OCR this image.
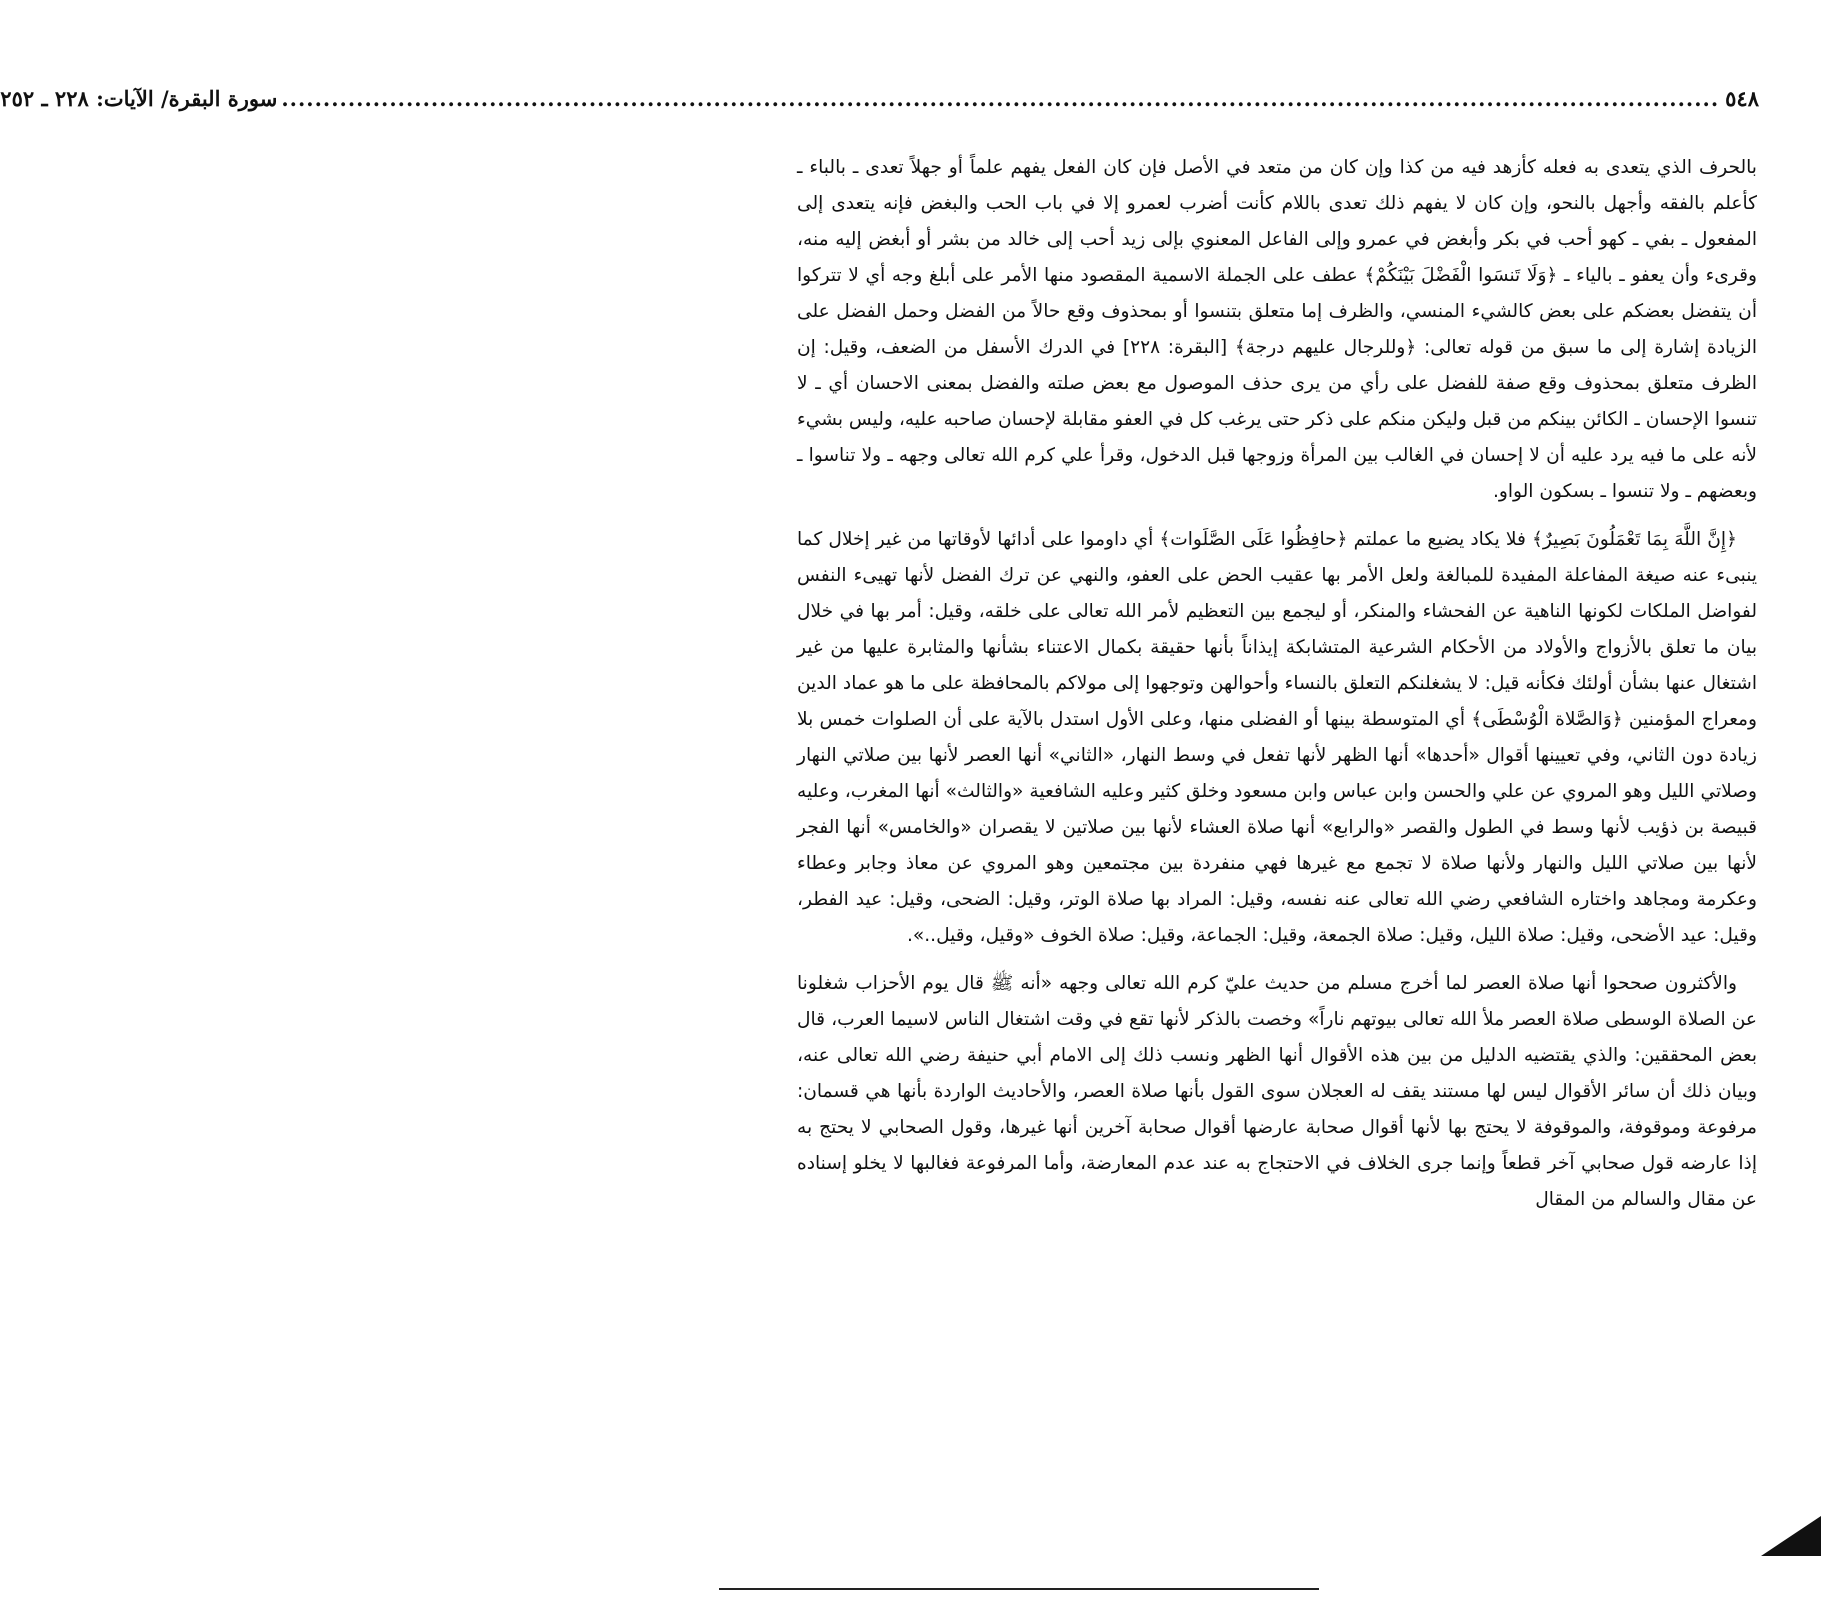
٥٤٨
..........
...................................................................................................................................................................
سورة البقرة/ الآيات: ٢٢٨ ـ ٢٥٢

بالحرف الذي يتعدى به فعله كأزهد فيه من كذا وإن كان من متعد في الأصل فإن كان الفعل يفهم علماً أو جهلاً تعدى ـ بالباء ـ كأعلم بالفقه وأجهل بالنحو، وإن كان لا يفهم ذلك تعدى باللام كأنت أضرب لعمرو إلا في باب الحب والبغض فإنه يتعدى إلى المفعول ـ بفي ـ كهو أحب في بكر وأبغض في عمرو وإلى الفاعل المعنوي بإلى زيد أحب إلى خالد من بشر أو أبغض إليه منه، وقرىء وأن يعفو ـ بالياء ـ ﴿وَلَا تَنسَوا الْفَضْلَ بَيْنَكُمْ﴾ عطف على الجملة الاسمية المقصود منها الأمر على أبلغ وجه أي لا تتركوا أن يتفضل بعضكم على بعض كالشيء المنسي، والظرف إما متعلق بتنسوا أو بمحذوف وقع حالاً من الفضل وحمل الفضل على الزيادة إشارة إلى ما سبق من قوله تعالى: ﴿وللرجال عليهم درجة﴾ [البقرة: ٢٢٨] في الدرك الأسفل من الضعف، وقيل: إن الظرف متعلق بمحذوف وقع صفة للفضل على رأي من يرى حذف الموصول مع بعض صلته والفضل بمعنى الاحسان أي ـ لا تنسوا الإحسان ـ الكائن بينكم من قبل وليكن منكم على ذكر حتى يرغب كل في العفو مقابلة لإحسان صاحبه عليه، وليس بشيء لأنه على ما فيه يرد عليه أن لا إحسان في الغالب بين المرأة وزوجها قبل الدخول، وقرأ علي كرم الله تعالى وجهه ـ ولا تناسوا ـ وبعضهم ـ ولا تنسوا ـ بسكون الواو.

﴿إِنَّ اللَّهَ بِمَا تَعْمَلُونَ بَصِيرٌ﴾ فلا يكاد يضيع ما عملتم ﴿حافِظُوا عَلَى الصَّلَوات﴾ أي داوموا على أدائها لأوقاتها من غير إخلال كما ينبىء عنه صيغة المفاعلة المفيدة للمبالغة ولعل الأمر بها عقيب الحض على العفو، والنهي عن ترك الفضل لأنها تهيىء النفس لفواضل الملكات لكونها الناهية عن الفحشاء والمنكر، أو ليجمع بين التعظيم لأمر الله تعالى على خلقه، وقيل: أمر بها في خلال بيان ما تعلق بالأزواج والأولاد من الأحكام الشرعية المتشابكة إيذاناً بأنها حقيقة بكمال الاعتناء بشأنها والمثابرة عليها من غير اشتغال عنها بشأن أولئك فكأنه قيل: لا يشغلنكم التعلق بالنساء وأحوالهن وتوجهوا إلى مولاكم بالمحافظة على ما هو عماد الدين ومعراج المؤمنين ﴿وَالصَّلاة الْوُسْطَى﴾ أي المتوسطة بينها أو الفضلى منها، وعلى الأول استدل بالآية على أن الصلوات خمس بلا زيادة دون الثاني، وفي تعيينها أقوال «أحدها» أنها الظهر لأنها تفعل في وسط النهار، «الثاني» أنها العصر لأنها بين صلاتي النهار وصلاتي الليل وهو المروي عن علي والحسن وابن عباس وابن مسعود وخلق كثير وعليه الشافعية «والثالث» أنها المغرب، وعليه قبيصة بن ذؤيب لأنها وسط في الطول والقصر «والرابع» أنها صلاة العشاء لأنها بين صلاتين لا يقصران «والخامس» أنها الفجر لأنها بين صلاتي الليل والنهار ولأنها صلاة لا تجمع مع غيرها فهي منفردة بين مجتمعين وهو المروي عن معاذ وجابر وعطاء وعكرمة ومجاهد واختاره الشافعي رضي الله تعالى عنه نفسه، وقيل: المراد بها صلاة الوتر، وقيل: الضحى، وقيل: عيد الفطر، وقيل: عيد الأضحى، وقيل: صلاة الليل، وقيل: صلاة الجمعة، وقيل: الجماعة، وقيل: صلاة الخوف «وقيل، وقيل..».

والأكثرون صححوا أنها صلاة العصر لما أخرج مسلم من حديث عليّ كرم الله تعالى وجهه «أنه ﷺ قال يوم الأحزاب شغلونا عن الصلاة الوسطى صلاة العصر ملأ الله تعالى بيوتهم ناراً» وخصت بالذكر لأنها تقع في وقت اشتغال الناس لاسيما العرب، قال بعض المحققين: والذي يقتضيه الدليل من بين هذه الأقوال أنها الظهر ونسب ذلك إلى الامام أبي حنيفة رضي الله تعالى عنه، وبيان ذلك أن سائر الأقوال ليس لها مستند يقف له العجلان سوى القول بأنها صلاة العصر، والأحاديث الواردة بأنها هي قسمان: مرفوعة وموقوفة، والموقوفة لا يحتج بها لأنها أقوال صحابة عارضها أقوال صحابة آخرين أنها غيرها، وقول الصحابي لا يحتج به إذا عارضه قول صحابي آخر قطعاً وإنما جرى الخلاف في الاحتجاج به عند عدم المعارضة، وأما المرفوعة فغالبها لا يخلو إسناده عن مقال والسالم من المقال
